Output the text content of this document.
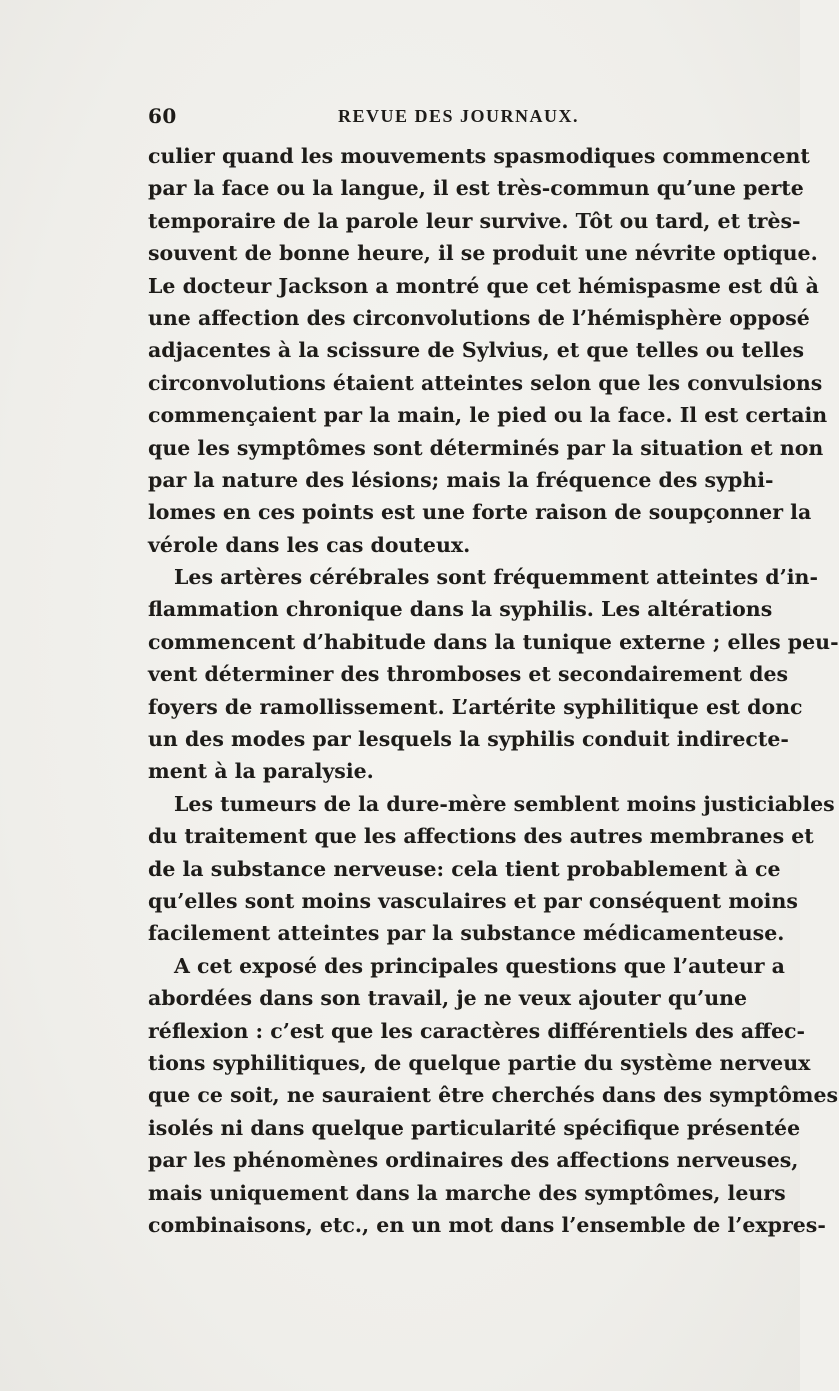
60	REVUE DES JOURNAUX.
culier quand les mouvements spasmodiques commencent
par la face ou la langue, il est très-commun qu’une perte
temporaire de la parole leur survive. Tôt ou tard, et très-
souvent de bonne heure, il se produit une névrite optique.
Le docteur Jackson a montré que cet hémispasme est dû à
une affection des circonvolutions de l’hémisphère opposé
adjacentes à la scissure de Sylvius, et que telles ou telles
circonvolutions étaient atteintes selon que les convulsions
commençaient par la main, le pied ou la face. Il est certain
que les symptômes sont déterminés par la situation et non
par la nature des lésions; mais la fréquence des syphi-
lomes en ces points est une forte raison de soupçonner la
vérole dans les cas douteux.
Les artères cérébrales sont fréquemment atteintes d’in-
flammation chronique dans la syphilis. Les altérations
commencent d’habitude dans la tunique externe ; elles peu-
vent déterminer des thromboses et secondairement des
foyers de ramollissement. L’artérite syphilitique est donc
un des modes par lesquels la syphilis conduit indirecte-
ment à la paralysie.
Les tumeurs de la dure-mère semblent moins justiciables
du traitement que les affections des autres membranes et
de la substance nerveuse: cela tient probablement à ce
qu’elles sont moins vasculaires et par conséquent moins
facilement atteintes par la substance médicamenteuse.
A cet exposé des principales questions que l’auteur a
abordées dans son travail, je ne veux ajouter qu’une
réflexion : c’est que les caractères différentiels des affec-
tions syphilitiques, de quelque partie du système nerveux
que ce soit, ne sauraient être cherchés dans des symptômes
isolés ni dans quelque particularité spécifique présentée
par les phénomènes ordinaires des affections nerveuses,
mais uniquement dans la marche des symptômes, leurs
combinaisons, etc., en un mot dans l’ensemble de l’expres-
